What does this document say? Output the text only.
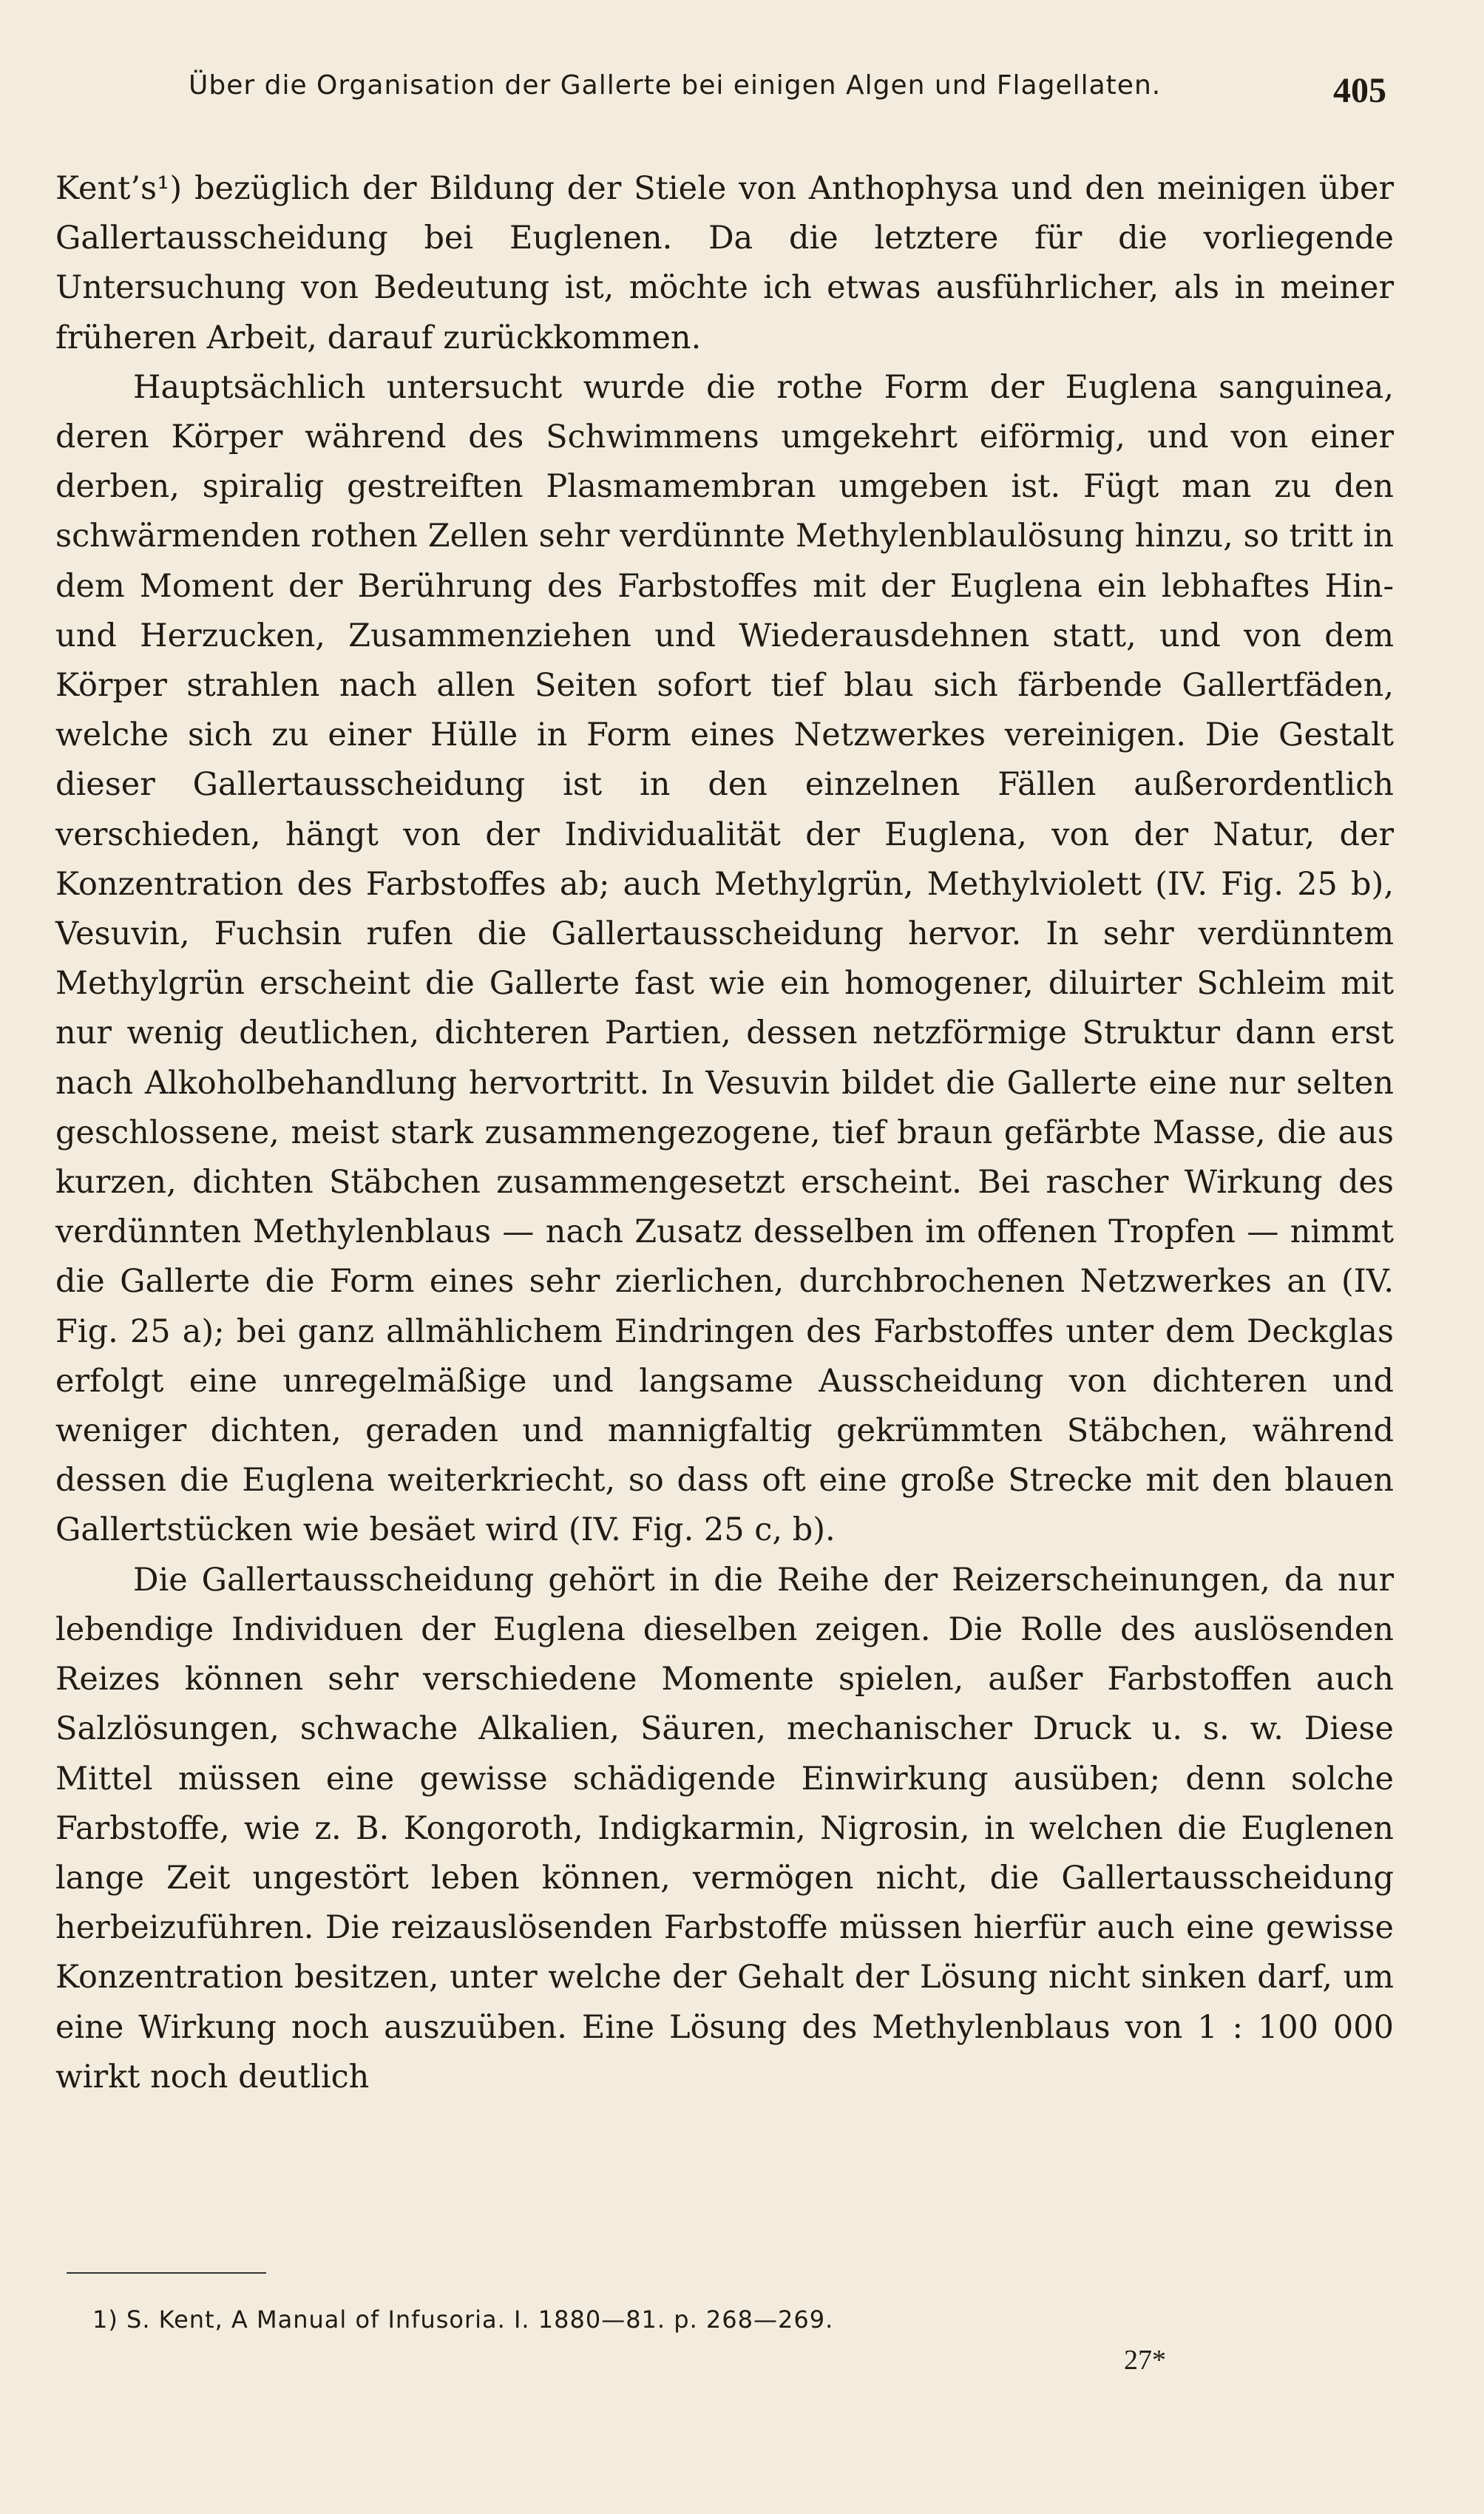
Über die Organisation der Gallerte bei einigen Algen und Flagellaten.	405

Kent’s¹) bezüglich der Bildung der Stiele von Anthophysa und den meinigen über Gallertausscheidung bei Euglenen. Da die letztere für die vorliegende Untersuchung von Bedeutung ist, möchte ich etwas ausführlicher, als in meiner früheren Arbeit, darauf zurückkommen.

Hauptsächlich untersucht wurde die rothe Form der Euglena sanguinea, deren Körper während des Schwimmens umgekehrt eiförmig, und von einer derben, spiralig gestreiften Plasmamembran umgeben ist. Fügt man zu den schwärmenden rothen Zellen sehr verdünnte Methylenblaulösung hinzu, so tritt in dem Moment der Berührung des Farbstoffes mit der Euglena ein lebhaftes Hin- und Herzucken, Zusammenziehen und Wiederausdehnen statt, und von dem Körper strahlen nach allen Seiten sofort tief blau sich färbende Gallertfäden, welche sich zu einer Hülle in Form eines Netzwerkes vereinigen. Die Gestalt dieser Gallertausscheidung ist in den einzelnen Fällen außerordentlich verschieden, hängt von der Individualität der Euglena, von der Natur, der Konzentration des Farbstoffes ab; auch Methylgrün, Methylviolett (IV. Fig. 25 b), Vesuvin, Fuchsin rufen die Gallertausscheidung hervor. In sehr verdünntem Methylgrün erscheint die Gallerte fast wie ein homogener, diluirter Schleim mit nur wenig deutlichen, dichteren Partien, dessen netzförmige Struktur dann erst nach Alkoholbehandlung hervortritt. In Vesuvin bildet die Gallerte eine nur selten geschlossene, meist stark zusammengezogene, tief braun gefärbte Masse, die aus kurzen, dichten Stäbchen zusammengesetzt erscheint. Bei rascher Wirkung des verdünnten Methylenblaus — nach Zusatz desselben im offenen Tropfen — nimmt die Gallerte die Form eines sehr zierlichen, durchbrochenen Netzwerkes an (IV. Fig. 25 a); bei ganz allmählichem Eindringen des Farbstoffes unter dem Deckglas erfolgt eine unregelmäßige und langsame Ausscheidung von dichteren und weniger dichten, geraden und mannigfaltig gekrümmten Stäbchen, während dessen die Euglena weiterkriecht, so dass oft eine große Strecke mit den blauen Gallertstücken wie besäet wird (IV. Fig. 25 c, b).

Die Gallertausscheidung gehört in die Reihe der Reizerscheinungen, da nur lebendige Individuen der Euglena dieselben zeigen. Die Rolle des auslösenden Reizes können sehr verschiedene Momente spielen, außer Farbstoffen auch Salzlösungen, schwache Alkalien, Säuren, mechanischer Druck u. s. w. Diese Mittel müssen eine gewisse schädigende Einwirkung ausüben; denn solche Farbstoffe, wie z. B. Kongoroth, Indigkarmin, Nigrosin, in welchen die Euglenen lange Zeit ungestört leben können, vermögen nicht, die Gallertausscheidung herbeizuführen. Die reizauslösenden Farbstoffe müssen hierfür auch eine gewisse Konzentration besitzen, unter welche der Gehalt der Lösung nicht sinken darf, um eine Wirkung noch auszuüben. Eine Lösung des Methylenblaus von 1 : 100 000 wirkt noch deutlich

1) S. Kent, A Manual of Infusoria. I. 1880—81. p. 268—269.
27*
